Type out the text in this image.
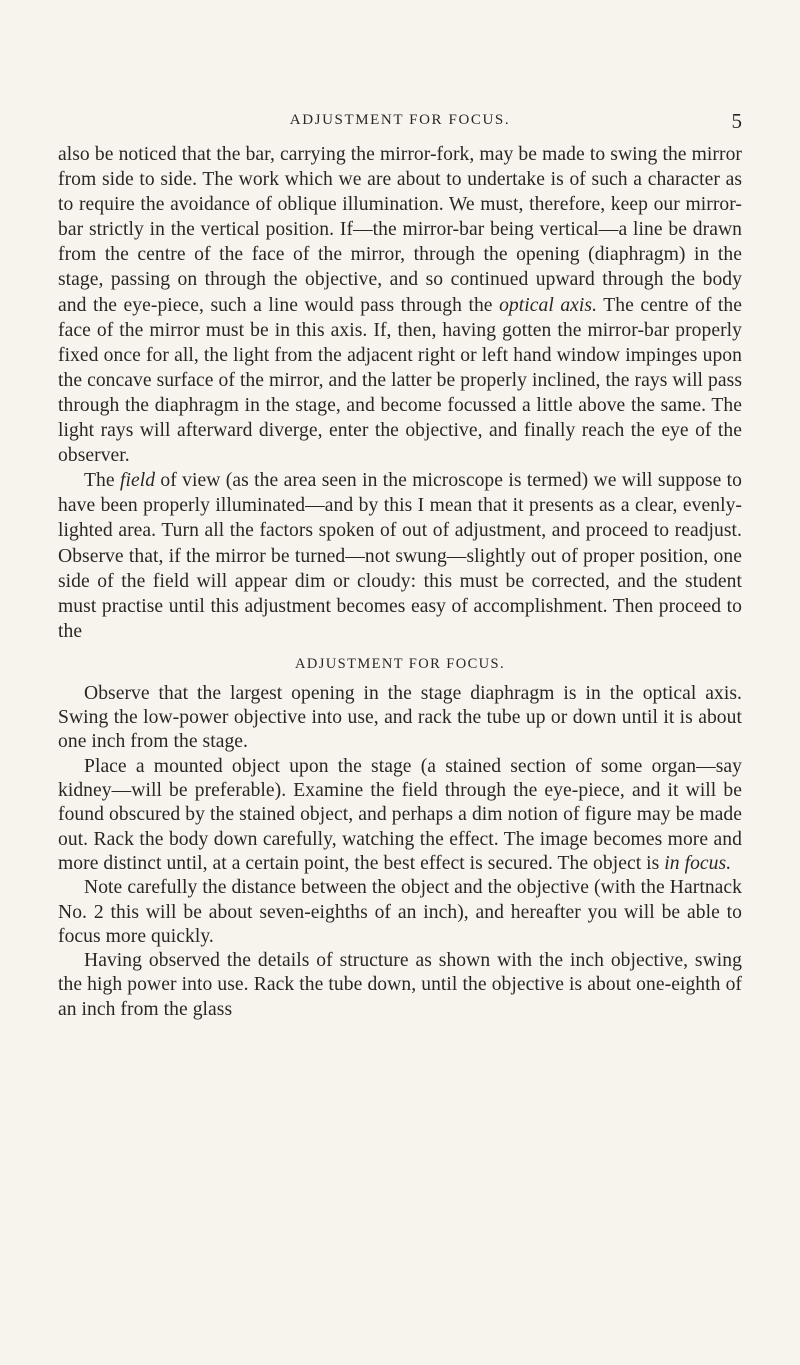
ADJUSTMENT FOR FOCUS.	5

also be noticed that the bar, carrying the mirror-fork, may be made to swing the mirror from side to side. The work which we are about to undertake is of such a character as to require the avoidance of oblique illumination. We must, therefore, keep our mirror-bar strictly in the vertical position. If—the mirror-bar being vertical—a line be drawn from the centre of the face of the mirror, through the opening (diaphragm) in the stage, passing on through the objective, and so continued upward through the body and the eye-piece, such a line would pass through the optical axis. The centre of the face of the mirror must be in this axis. If, then, having gotten the mirror-bar properly fixed once for all, the light from the adjacent right or left hand window impinges upon the concave surface of the mirror, and the latter be properly inclined, the rays will pass through the diaphragm in the stage, and become focussed a little above the same. The light rays will afterward diverge, enter the objective, and finally reach the eye of the observer.

The field of view (as the area seen in the microscope is termed) we will suppose to have been properly illuminated—and by this I mean that it presents as a clear, evenly-lighted area. Turn all the factors spoken of out of adjustment, and proceed to readjust. Observe that, if the mirror be turned—not swung—slightly out of proper position, one side of the field will appear dim or cloudy: this must be corrected, and the student must practise until this adjustment becomes easy of accomplishment. Then proceed to the

ADJUSTMENT FOR FOCUS.

Observe that the largest opening in the stage diaphragm is in the optical axis. Swing the low-power objective into use, and rack the tube up or down until it is about one inch from the stage.

Place a mounted object upon the stage (a stained section of some organ—say kidney—will be preferable). Examine the field through the eye-piece, and it will be found obscured by the stained object, and perhaps a dim notion of figure may be made out. Rack the body down carefully, watching the effect. The image becomes more and more distinct until, at a certain point, the best effect is secured. The object is in focus.

Note carefully the distance between the object and the objective (with the Hartnack No. 2 this will be about seven-eighths of an inch), and hereafter you will be able to focus more quickly.

Having observed the details of structure as shown with the inch objective, swing the high power into use. Rack the tube down, until the objective is about one-eighth of an inch from the glass
